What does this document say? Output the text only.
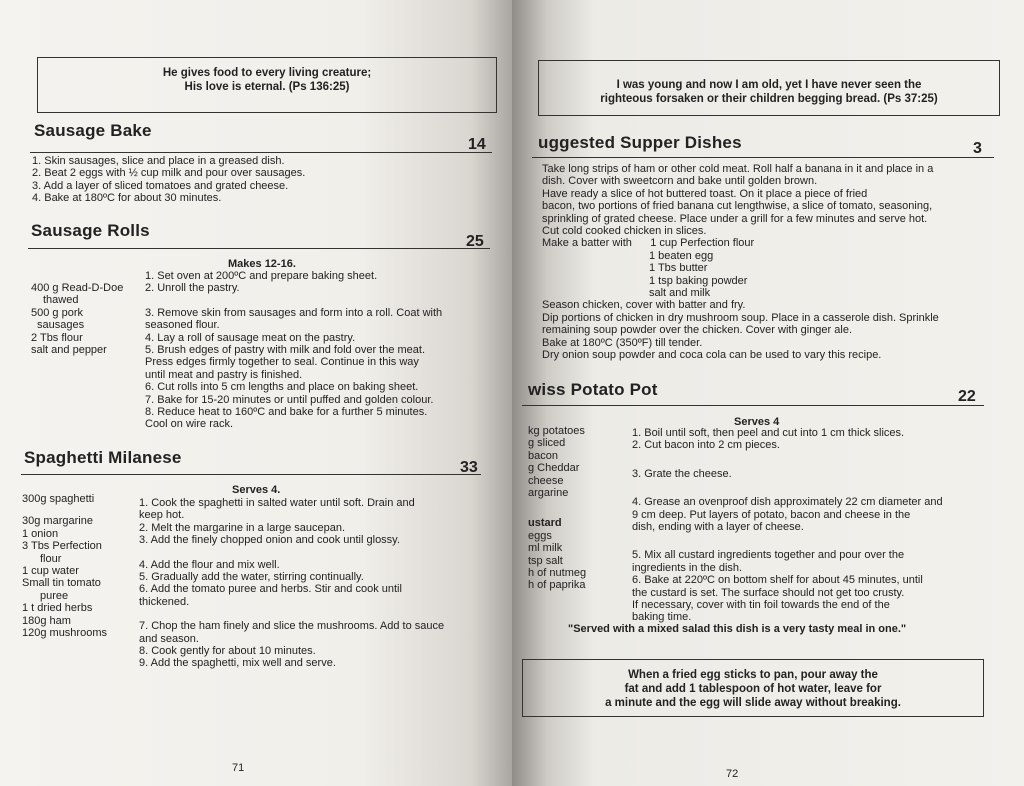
He gives food to every living creature;
His love is eternal. (Ps 136:25)
Sausage Bake
14
1. Skin sausages, slice and place in a greased dish.
2. Beat 2 eggs with ½ cup milk and pour over sausages.
3. Add a layer of sliced tomatoes and grated cheese.
4. Bake at 180ºC for about 30 minutes.
Sausage Rolls
25
Makes 12-16.
400 g Read-D-Doe
thawed
500 g pork
sausages
2 Tbs flour
salt and pepper
1. Set oven at 200ºC and prepare baking sheet.
2. Unroll the pastry.
3. Remove skin from sausages and form into a roll. Coat with
seasoned flour.
4. Lay a roll of sausage meat on the pastry.
5. Brush edges of pastry with milk and fold over the meat.
Press edges firmly together to seal. Continue in this way
until meat and pastry is finished.
6. Cut rolls into 5 cm lengths and place on baking sheet.
7. Bake for 15-20 minutes or until puffed and golden colour.
8. Reduce heat to 160ºC and bake for a further 5 minutes.
Cool on wire rack.
Spaghetti Milanese
33
Serves 4.
300g spaghetti
30g margarine
1 onion
3 Tbs Perfection
flour
1 cup water
Small tin tomato
puree
1 t dried herbs
180g ham
120g mushrooms
1. Cook the spaghetti in salted water until soft. Drain and
keep hot.
2. Melt the margarine in a large saucepan.
3. Add the finely chopped onion and cook until glossy.
4. Add the flour and mix well.
5. Gradually add the water, stirring continually.
6. Add the tomato puree and herbs. Stir and cook until
thickened.
7. Chop the ham finely and slice the mushrooms. Add to sauce
and season.
8. Cook gently for about 10 minutes.
9. Add the spaghetti, mix well and serve.
71
I was young and now I am old, yet I have never seen the
righteous forsaken or their children begging bread. (Ps 37:25)
uggested Supper Dishes	3
Take long strips of ham or other cold meat. Roll half a banana in it and place in a
dish. Cover with sweetcorn and bake until golden brown.
Have ready a slice of hot buttered toast. On it place a piece of fried
bacon, two portions of fried banana cut lengthwise, a slice of tomato, seasoning,
sprinkling of grated cheese. Place under a grill for a few minutes and serve hot.
Cut cold cooked chicken in slices.
Make a batter with      1 cup Perfection flour
1 beaten egg
1 Tbs butter
1 tsp baking powder
salt and milk
Season chicken, cover with batter and fry.
Dip portions of chicken in dry mushroom soup. Place in a casserole dish. Sprinkle
remaining soup powder over the chicken. Cover with ginger ale.
Bake at 180ºC (350ºF) till tender.
Dry onion soup powder and coca cola can be used to vary this recipe.
wiss Potato Pot	22
Serves 4
kg potatoes
g sliced
bacon
g Cheddar
cheese
argarine
ustard
eggs
ml milk
tsp salt
h of nutmeg
h of paprika
1. Boil until soft, then peel and cut into 1 cm thick slices.
2. Cut bacon into 2 cm pieces.
3. Grate the cheese.
4. Grease an ovenproof dish approximately 22 cm diameter and
9 cm deep. Put layers of potato, bacon and cheese in the
dish, ending with a layer of cheese.
5. Mix all custard ingredients together and pour over the
ingredients in the dish.
6. Bake at 220ºC on bottom shelf for about 45 minutes, until
the custard is set. The surface should not get too crusty.
If necessary, cover with tin foil towards the end of the
baking time.
"Served with a mixed salad this dish is a very tasty meal in one."
When a fried egg sticks to pan, pour away the
fat and add 1 tablespoon of hot water, leave for
a minute and the egg will slide away without breaking.
72
